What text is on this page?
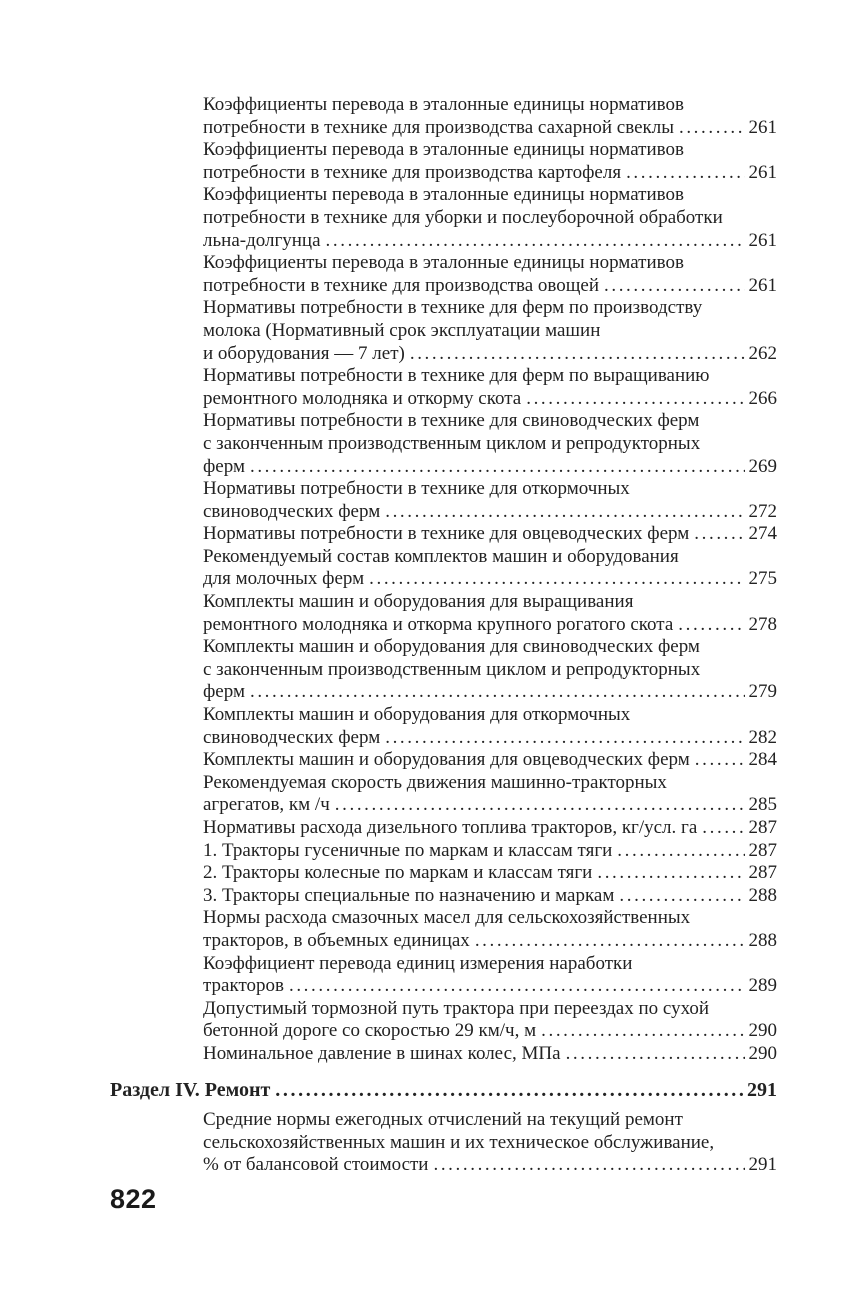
Коэффициенты перевода в эталонные единицы нормативов
потребности в технике для производства сахарной свеклы .....	261
Коэффициенты перевода в эталонные единицы нормативов
потребности в технике для производства картофеля .....	261
Коэффициенты перевода в эталонные единицы нормативов
потребности в технике для уборки и послеуборочной обработки
льна-долгунца .....	261
Коэффициенты перевода в эталонные единицы нормативов
потребности в технике для производства овощей .....	261
Нормативы потребности в технике для ферм по производству
молока (Нормативный срок эксплуатации машин
и оборудования — 7 лет) .....	262
Нормативы потребности в технике для ферм по выращиванию
ремонтного молодняка и откорму скота .....	266
Нормативы потребности в технике для свиноводческих ферм
с законченным производственным циклом и репродукторных
ферм .....	269
Нормативы потребности в технике для откормочных
свиноводческих ферм .....	272
Нормативы потребности в технике для овцеводческих ферм .....	274
Рекомендуемый состав комплектов машин и оборудования
для молочных ферм .....	275
Комплекты машин и оборудования для выращивания
ремонтного молодняка и откорма крупного рогатого скота .....	278
Комплекты машин и оборудования для свиноводческих ферм
с законченным производственным циклом и репродукторных
ферм .....	279
Комплекты машин и оборудования для откормочных
свиноводческих ферм .....	282
Комплекты машин и оборудования для овцеводческих ферм .....	284
Рекомендуемая скорость движения машинно-тракторных
агрегатов, км /ч .....	285
Нормативы расхода дизельного топлива тракторов, кг/усл. га .....	287
1. Тракторы гусеничные по маркам и классам тяги .....	287
2. Тракторы колесные по маркам и классам тяги .....	287
3. Тракторы специальные по назначению и маркам .....	288
Нормы расхода смазочных масел для сельскохозяйственных
тракторов, в объемных единицах .....	288
Коэффициент перевода единиц измерения наработки
тракторов .....	289
Допустимый тормозной путь трактора при переездах по сухой
бетонной дороге со скоростью 29 км/ч, м .....	290
Номинальное давление в шинах колес, МПа .....	290
Раздел IV. Ремонт .....	291
Средние нормы ежегодных отчислений на текущий ремонт
сельскохозяйственных машин и их техническое обслуживание,
% от балансовой стоимости .....	291
822
